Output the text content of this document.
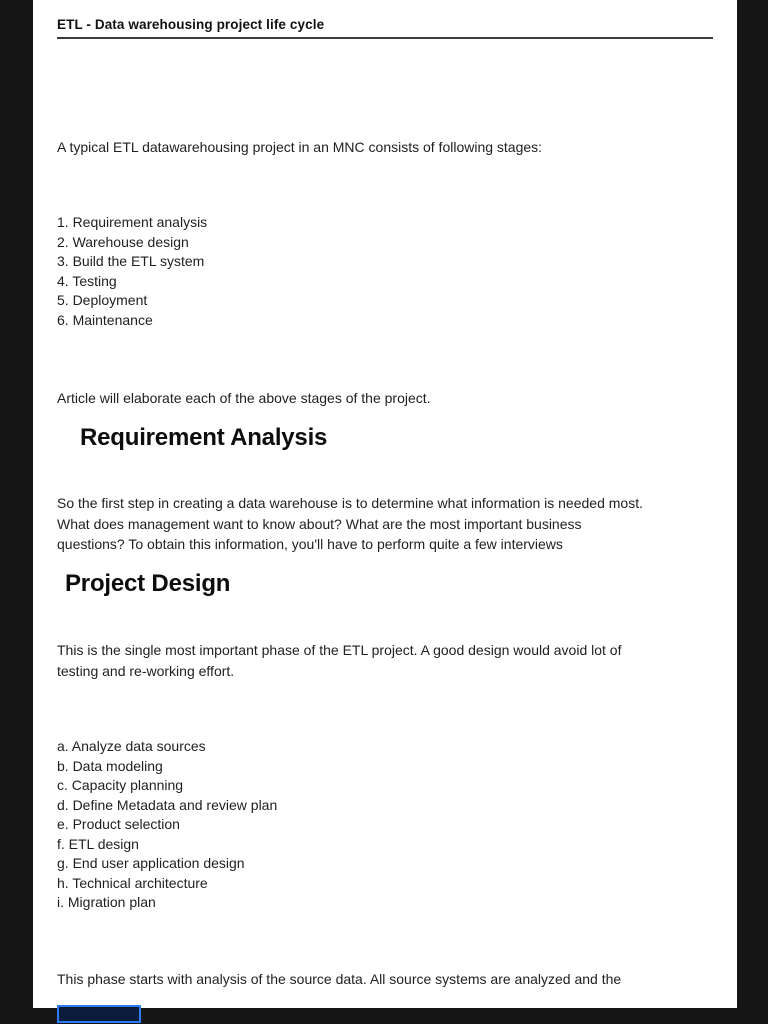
ETL - Data warehousing project life cycle
A typical ETL datawarehousing project in an MNC consists of following stages:
1. Requirement analysis
2. Warehouse design
3. Build the ETL system
4. Testing
5. Deployment
6. Maintenance
Article will elaborate each of the above stages of the project.
Requirement Analysis
So the first step in creating a data warehouse is to determine what information is needed most.
What does management want to know about? What are the most important business
questions? To obtain this information, you'll have to perform quite a few interviews
Project Design
This is the single most important phase of the ETL project. A good design would avoid lot of
testing and re-working effort.
a. Analyze data sources
b. Data modeling
c. Capacity planning
d. Define Metadata and review plan
e. Product selection
f. ETL design
g. End user application design
h. Technical architecture
i. Migration plan
This phase starts with analysis of the source data. All source systems are analyzed and the
